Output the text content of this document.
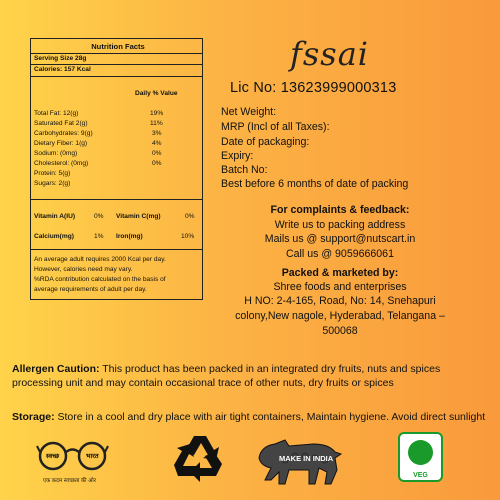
Nutrition Facts
Serving Size 28g
Calories: 157 Kcal
Daily % Value
Total Fat: 12(g)	19%
Saturated Fat 2(g)	11%
Carbohydrates: 9(g)	3%
Dietary Fiber: 1(g)	4%
Sodium: (0mg)	0%
Cholesterol: (0mg)	0%
Protein: 5(g)
Sugars: 2(g)
Vitamin A(IU)	0% Vitamin C(mg)	0%
Calcium(mg)	1% Iron(mg)	10%
An average adult requires 2000 Kcal per day.
However, calories need may vary.
%RDA contribution calculated on the basis of
average requirements of adult per day.
fssai
Lic No: 13623999000313
Net Weight:
MRP (Incl of all Taxes):
Date of packaging:
Expiry:
Batch No:
Best before 6 months of date of packing
For complaints & feedback:
Write us to packing address
Mails us @ support@nutscart.in
Call us @ 9059666061
Packed & marketed by:
Shree foods and enterprises
H NO: 2-4-165, Road, No: 14, Snehapuri
colony,New nagole, Hyderabad, Telangana –
500068
Allergen Caution: This product has been packed in an integrated dry fruits, nuts and spices processing unit and may contain occasional trace of other nuts, dry fruits or spices
Storage: Store in a cool and dry place with air tight containers, Maintain hygiene. Avoid direct sunlight
स्वच्छ	भारत
एक कदम स्वच्छता की ओर
MAKE IN INDIA
VEG
